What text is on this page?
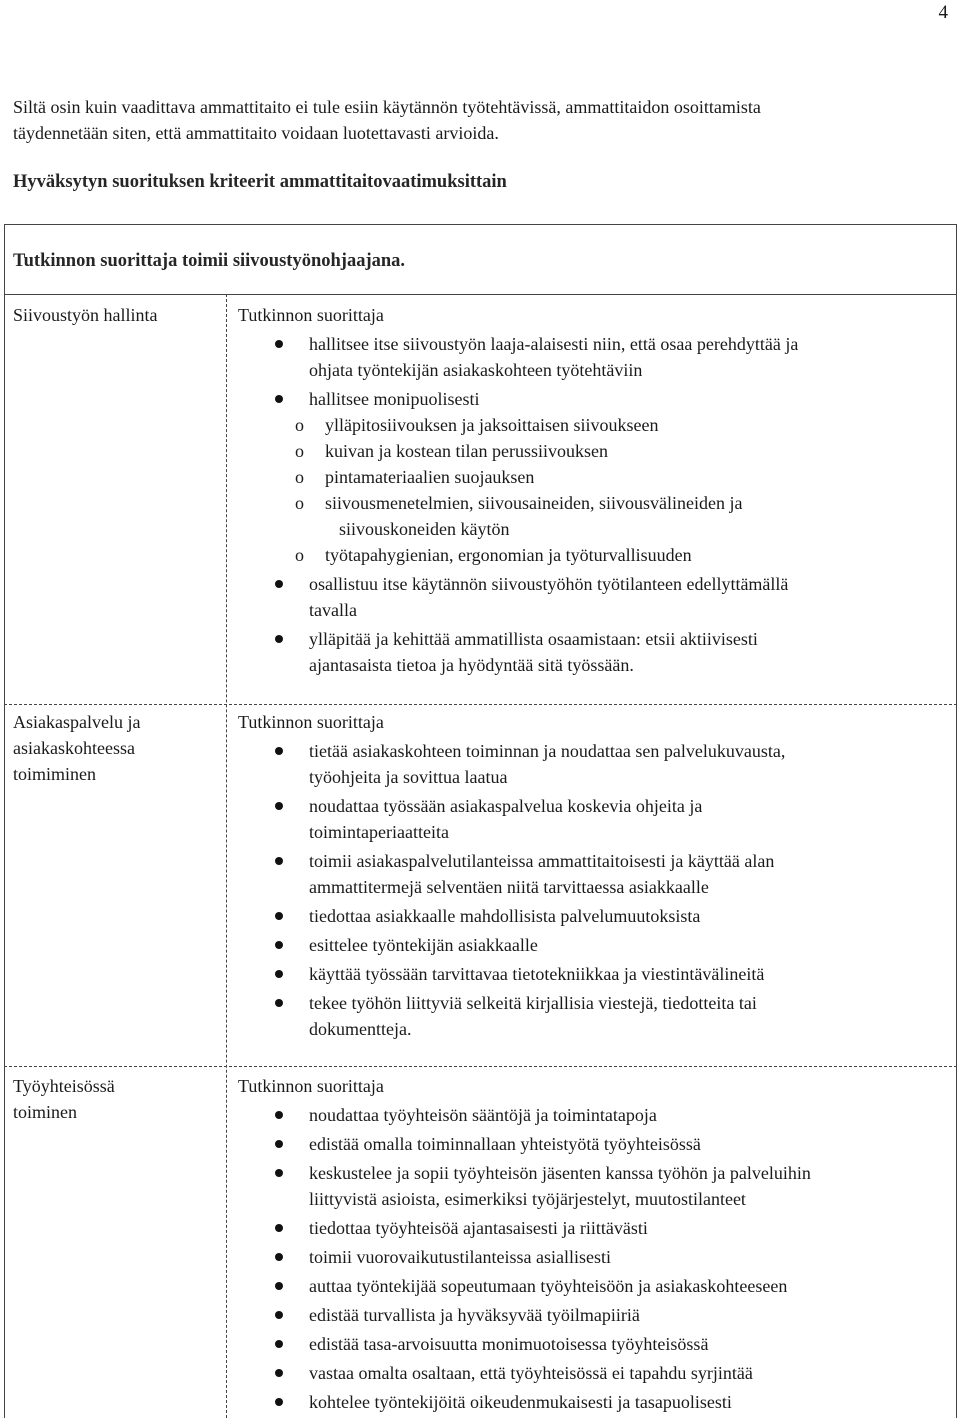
4
Siltä osin kuin vaadittava ammattitaito ei tule esiin käytännön työtehtävissä, ammattitaidon osoittamista
täydennetään siten, että ammattitaito voidaan luotettavasti arvioida.
Hyväksytyn suorituksen kriteerit ammattitaitovaatimuksittain
Tutkinnon suorittaja toimii siivoustyönohjaajana.
Siivoustyön hallinta	Tutkinnon suorittaja

hallitsee itse siivoustyön laaja-alaisesti niin, että osaa perehdyttää ja
ohjata työntekijän asiakaskohteen työtehtäviin
hallitsee monipuolisesti
o	ylläpitosiivouksen ja jaksoittaisen siivoukseen
o	kuivan ja kostean tilan perussiivouksen
o	pintamateriaalien suojauksen
o	siivousmenetelmien, siivousaineiden, siivousvälineiden ja
siivouskoneiden käytön
o	työtapahygienian, ergonomian ja työturvallisuuden
osallistuu itse käytännön siivoustyöhön työtilanteen edellyttämällä
tavalla
ylläpitää ja kehittää ammatillista osaamistaan: etsii aktiivisesti
ajantasaista tietoa ja hyödyntää sitä työssään.
Asiakaspalvelu ja
asiakaskohteessa
toimiminen

Tutkinnon suorittaja

tietää asiakaskohteen toiminnan ja noudattaa sen palvelukuvausta,
työohjeita ja sovittua laatua
noudattaa työssään asiakaspalvelua koskevia ohjeita ja
toimintaperiaatteita
toimii asiakaspalvelutilanteissa ammattitaitoisesti ja käyttää alan
ammattitermejä selventäen niitä tarvittaessa asiakkaalle
tiedottaa asiakkaalle mahdollisista palvelumuutoksista
esittelee työntekijän asiakkaalle
käyttää työssään tarvittavaa tietotekniikkaa ja viestintävälineitä
tekee työhön liittyviä selkeitä kirjallisia viestejä, tiedotteita tai
dokumentteja.
Työyhteisössä
toiminen

Tutkinnon suorittaja

noudattaa työyhteisön sääntöjä ja toimintatapoja
edistää omalla toiminnallaan yhteistyötä työyhteisössä
keskustelee ja sopii työyhteisön jäsenten kanssa työhön ja palveluihin
liittyvistä asioista, esimerkiksi työjärjestelyt, muutostilanteet
tiedottaa työyhteisöä ajantasaisesti ja riittävästi
toimii vuorovaikutustilanteissa asiallisesti
auttaa työntekijää sopeutumaan työyhteisöön ja asiakaskohteeseen
edistää turvallista ja hyväksyvää työilmapiiriä
edistää tasa-arvoisuutta monimuotoisessa työyhteisössä
vastaa omalta osaltaan, että työyhteisössä ei tapahdu syrjintää
kohtelee työntekijöitä oikeudenmukaisesti ja tasapuolisesti
